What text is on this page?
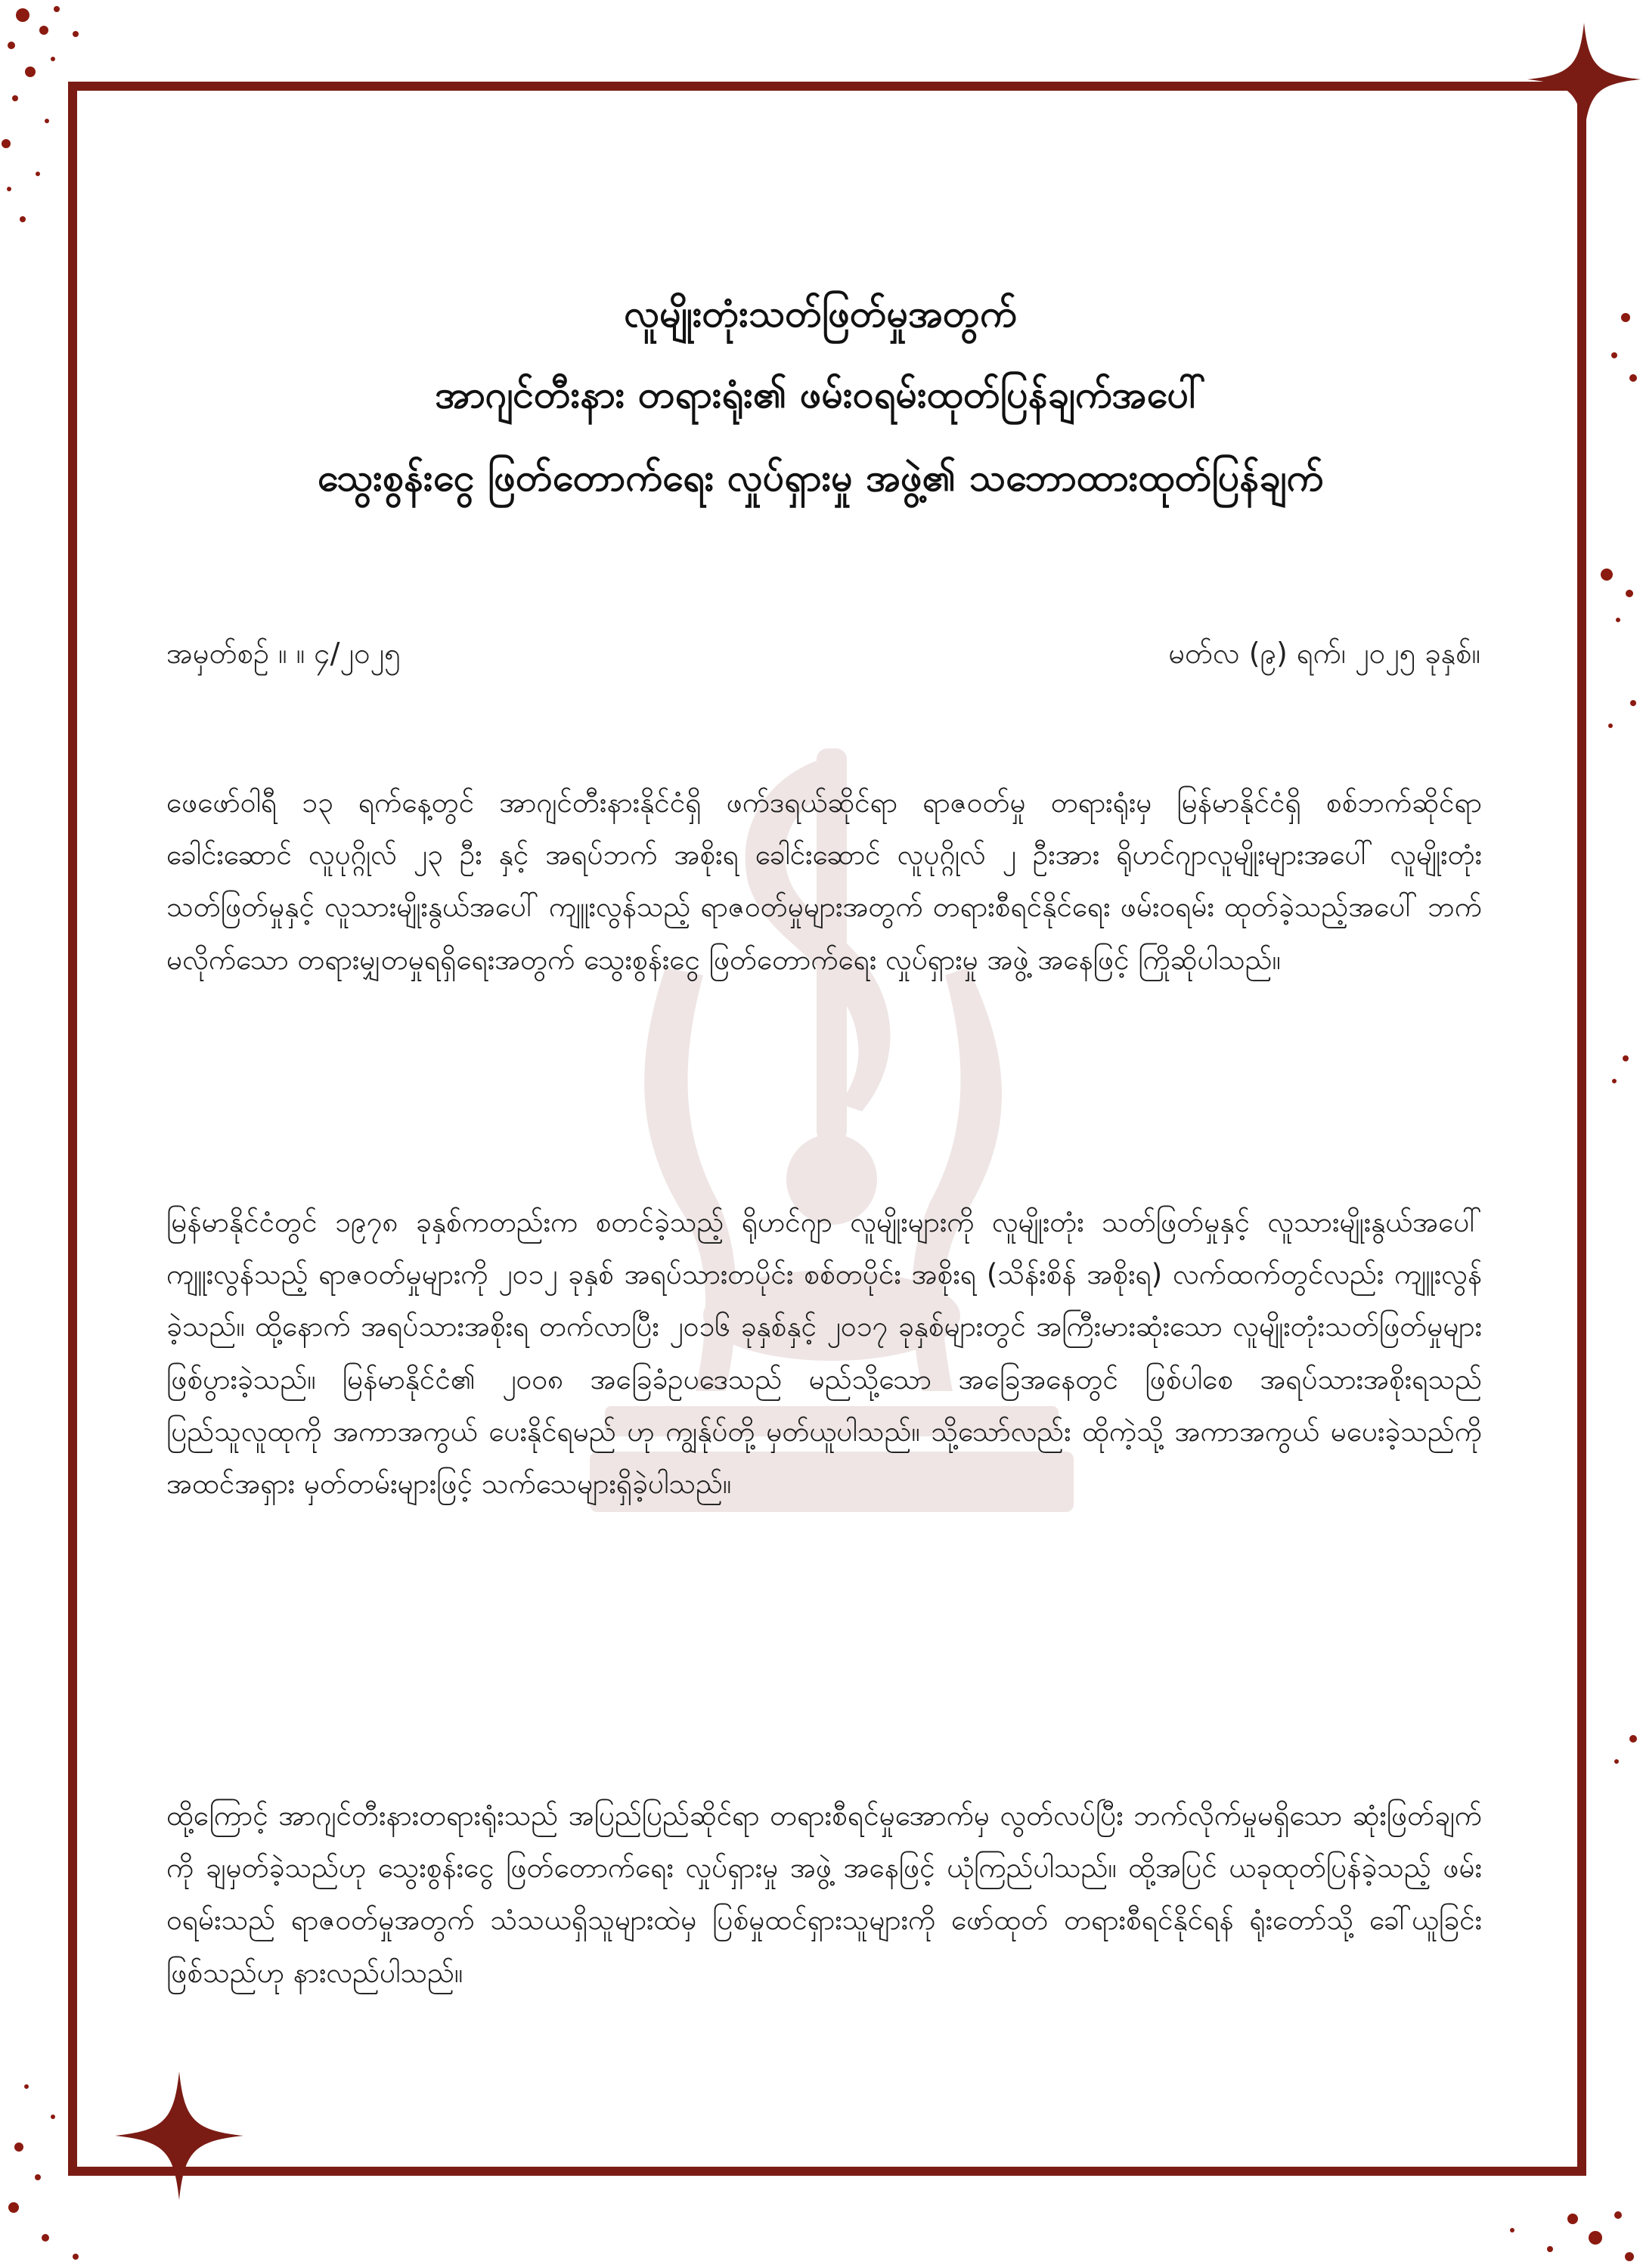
လူမျိုးတုံးသတ်ဖြတ်မှုအတွက်
အာဂျင်တီးနား တရားရုံး၏ ဖမ်းဝရမ်းထုတ်ပြန်ချက်အပေါ်
သွေးစွန်းငွေ ဖြတ်တောက်ရေး လှုပ်ရှားမှု အဖွဲ့၏ သဘောထားထုတ်ပြန်ချက်
အမှတ်စဉ် ။ ။ ၄/၂၀၂၅	မတ်လ (၉) ရက်၊ ၂၀၂၅ ခုနှစ်။

ဖေဖော်ဝါရီ ၁၃ ရက်နေ့တွင် အာဂျင်တီးနားနိုင်ငံရှိ ဖက်ဒရယ်ဆိုင်ရာ ရာဇဝတ်မှု တရားရုံးမှ မြန်မာနိုင်ငံရှိ စစ်ဘက်ဆိုင်ရာ ခေါင်းဆောင် လူပုဂ္ဂိုလ် ၂၃ ဦး နှင့် အရပ်ဘက် အစိုးရ ခေါင်းဆောင် လူပုဂ္ဂိုလ် ၂ ဦးအား ရိုဟင်ဂျာလူမျိုးများအပေါ် လူမျိုးတုံးသတ်ဖြတ်မှုနှင့် လူသားမျိုးနွယ်အပေါ် ကျူးလွန်သည့် ရာဇဝတ်မှုများအတွက် တရားစီရင်နိုင်ရေး ဖမ်းဝရမ်း ထုတ်ခဲ့သည့်အပေါ် ဘက်မလိုက်သော တရားမျှတမှုရရှိရေးအတွက် သွေးစွန်းငွေ ဖြတ်တောက်ရေး လှုပ်ရှားမှု အဖွဲ့ အနေဖြင့် ကြိုဆိုပါသည်။

မြန်မာနိုင်ငံတွင် ၁၉၇၈ ခုနှစ်ကတည်းက စတင်ခဲ့သည့် ရိုဟင်ဂျာ လူမျိုးများကို လူမျိုးတုံး သတ်ဖြတ်မှုနှင့် လူသားမျိုးနွယ်အပေါ် ကျူးလွန်သည့် ရာဇဝတ်မှုများကို ၂၀၁၂ ခုနှစ် အရပ်သားတပိုင်း စစ်တပိုင်း အစိုးရ (သိန်းစိန် အစိုးရ) လက်ထက်တွင်လည်း ကျူးလွန်ခဲ့သည်။ ထို့နောက် အရပ်သားအစိုးရ တက်လာပြီး ၂၀၁၆ ခုနှစ်နှင့် ၂၀၁၇ ခုနှစ်များတွင် အကြီးမားဆုံးသော လူမျိုးတုံးသတ်ဖြတ်မှုများ ဖြစ်ပွားခဲ့သည်။ မြန်မာနိုင်ငံ၏ ၂၀၀၈ အခြေခံဥပဒေသည် မည်သို့သော အခြေအနေတွင် ဖြစ်ပါစေ အရပ်သားအစိုးရသည် ပြည်သူလူထုကို အကာအကွယ် ပေးနိုင်ရမည် ဟု ကျွန်ုပ်တို့ မှတ်ယူပါသည်။ သို့သော်လည်း ထိုကဲ့သို့ အကာအကွယ် မပေးခဲ့သည်ကို အထင်အရှား မှတ်တမ်းများဖြင့် သက်သေများရှိခဲ့ပါသည်။

ထို့ကြောင့် အာဂျင်တီးနားတရားရုံးသည် အပြည်ပြည်ဆိုင်ရာ တရားစီရင်မှုအောက်မှ လွတ်လပ်ပြီး ဘက်လိုက်မှုမရှိသော ဆုံးဖြတ်ချက်ကို ချမှတ်ခဲ့သည်ဟု သွေးစွန်းငွေ ဖြတ်တောက်ရေး လှုပ်ရှားမှု အဖွဲ့ အနေဖြင့် ယုံကြည်ပါသည်။ ထို့အပြင် ယခုထုတ်ပြန်ခဲ့သည့် ဖမ်းဝရမ်းသည် ရာဇဝတ်မှုအတွက် သံသယရှိသူများထဲမှ ပြစ်မှုထင်ရှားသူများကို ဖော်ထုတ် တရားစီရင်နိုင်ရန် ရုံးတော်သို့ ခေါ်ယူခြင်းဖြစ်သည်ဟု နားလည်ပါသည်။
